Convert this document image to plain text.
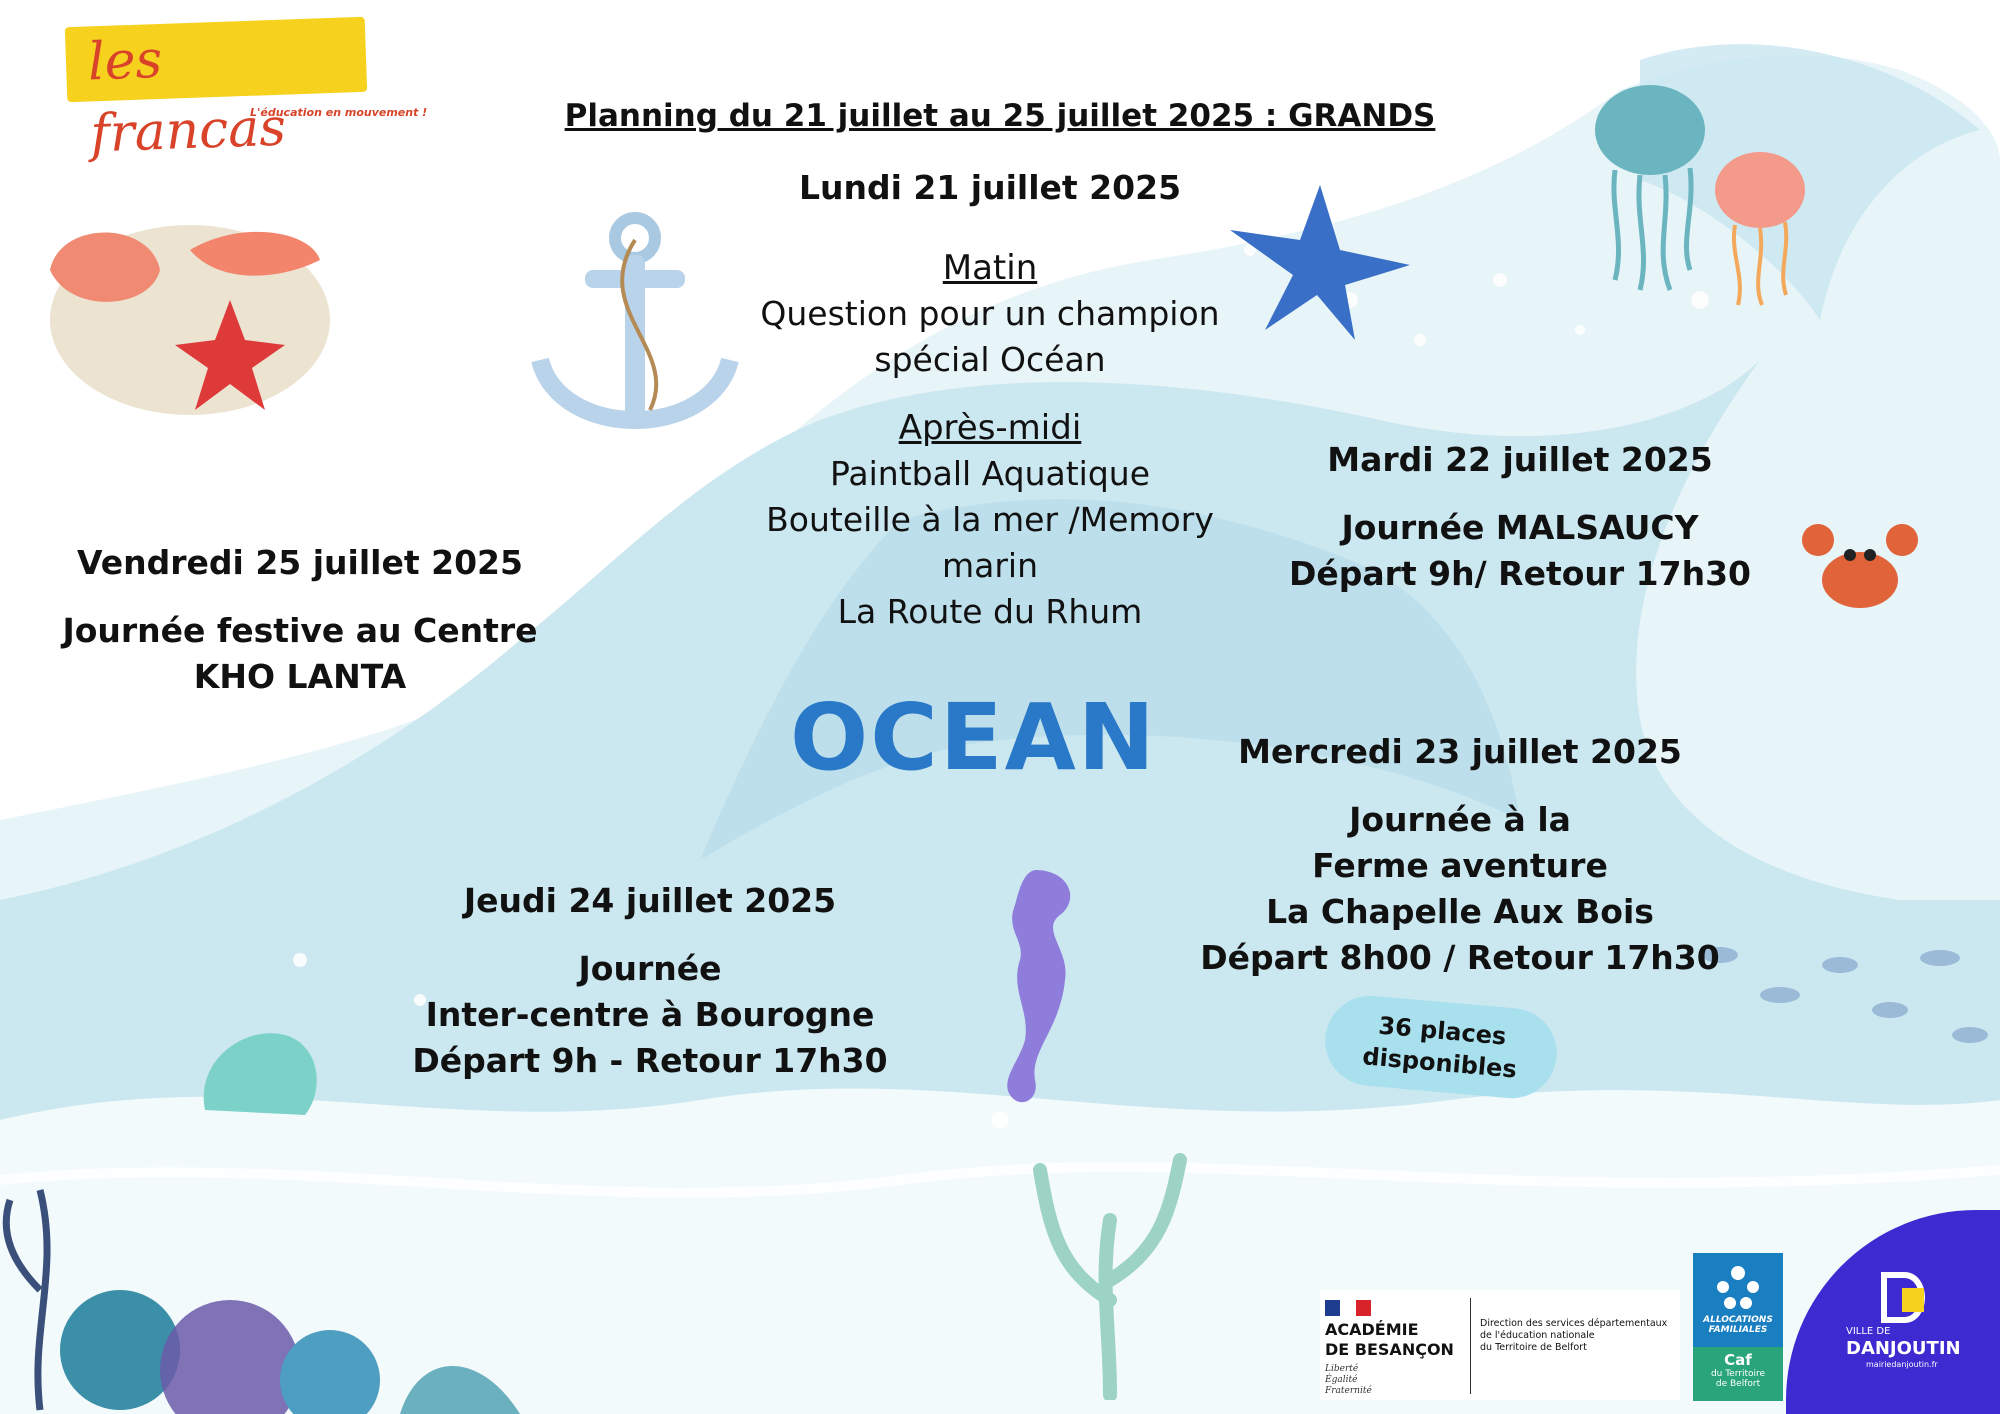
les francas
L'éducation en mouvement !	Planning du 21 juillet au 25 juillet 2025 : GRANDS
Lundi 21 juillet 2025
Matin
Question pour un champion
spécial Océan
Après-midi
Paintball Aquatique
Bouteille à la mer /Memory
marin
La Route du Rhum
OCEAN
Mardi 22 juillet 2025
Journée MALSAUCY
Départ 9h/ Retour 17h30
Vendredi 25 juillet 2025
Journée festive au Centre
KHO LANTA
Mercredi 23 juillet 2025
Journée à la
Ferme aventure
La Chapelle Aux Bois
Départ 8h00 / Retour 17h30
36 places
disponibles
Jeudi 24 juillet 2025
Journée
Inter-centre à Bourogne
Départ 9h - Retour 17h30
ACADÉMIE
DE BESANÇON
Liberté
Égalité
Fraternité
Direction des services départementaux
de l'éducation nationale
du Territoire de Belfort
ALLOCATIONS
FAMILIALES
Caf
du Territoire
de Belfort
VILLE DE
DANJOUTIN
mairiedanjoutin.fr
